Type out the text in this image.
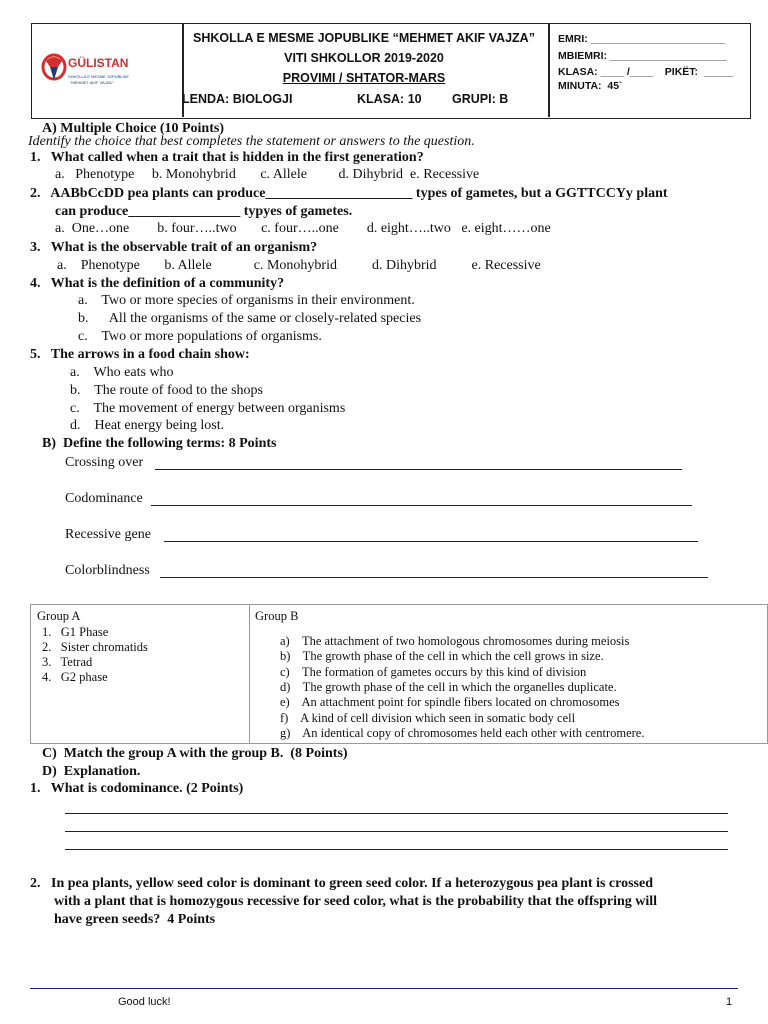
GÜLISTAN
SHKOLLA E MESME JOPUBLIKE
"MEHMET AKIF VAJZA"
SHKOLLA E MESME JOPUBLIKE “MEHMET AKIF VAJZA”
VITI SHKOLLOR 2019-2020
PROVIMI / SHTATOR-MARS
LENDA: BIOLOGJI	KLASA: 10 GRUPI: B
EMRI: _______________________
MBIEMRI: ____________________
KLASA: ____ /____    PIKËT:  _____
MINUTA:  45`
A) Multiple Choice (10 Points)
Identify the choice that best completes the statement or answers to the question.
1.   What called when a trait that is hidden in the first generation?
a.   Phenotype     b. Monohybrid       c. Allele         d. Dihybrid  e. Recessive
2.   AABbCcDD pea plants can produce_____________________ types of gametes, but a GGTTCCYy plant
can produce________________ typyes of gametes.
a.  One…one        b. four…..two       c. four…..one        d. eight…..two   e. eight……one
3.   What is the observable trait of an organism?
a.    Phenotype       b. Allele            c. Monohybrid          d. Dihybrid          e. Recessive
4.   What is the definition of a community?
a.    Two or more species of organisms in their environment.
b.      All the organisms of the same or closely-related species
c.    Two or more populations of organisms.
5.   The arrows in a food chain show:
a.    Who eats who
b.    The route of food to the shops
c.    The movement of energy between organisms
d.    Heat energy being lost.
B)  Define the following terms: 8 Points
Crossing over
Codominance
Recessive gene
Colorblindness
Group A
1.   G1 Phase
2.   Sister chromatids
3.   Tetrad
4.   G2 phase
Group B
a)    The attachment of two homologous chromosomes during meiosis
b)    The growth phase of the cell in which the cell grows in size.
c)    The formation of gametes occurs by this kind of division
d)    The growth phase of the cell in which the organelles duplicate.
e)    An attachment point for spindle fibers located on chromosomes
f)    A kind of cell division which seen in somatic body cell
g)    An identical copy of chromosomes held each other with centromere.
C)  Match the group A with the group B.  (8 Points)
D)  Explanation.
1.   What is codominance. (2 Points)
2.   In pea plants, yellow seed color is dominant to green seed color. If a heterozygous pea plant is crossed
with a plant that is homozygous recessive for seed color, what is the probability that the offspring will
have green seeds?  4 Points
Good luck!	1
